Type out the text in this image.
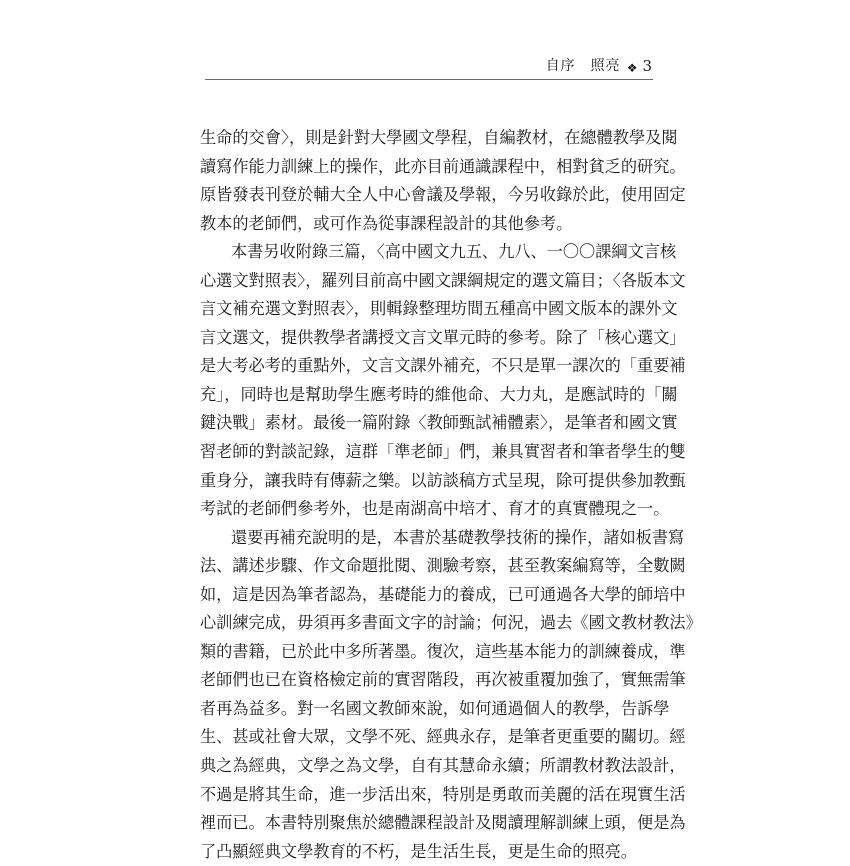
自序　照亮 ❖ 3
生命的交會〉，則是針對大學國文學程，自編教材，在總體教學及閱
讀寫作能力訓練上的操作，此亦目前通識課程中，相對貧乏的研究。
原皆發表刊登於輔大全人中心會議及學報，今另收錄於此，使用固定
教本的老師們，或可作為從事課程設計的其他參考。
本書另收附錄三篇，〈高中國文九五、九八、一〇〇課綱文言核
心選文對照表〉，羅列目前高中國文課綱規定的選文篇目；〈各版本文
言文補充選文對照表〉，則輯錄整理坊間五種高中國文版本的課外文
言文選文，提供教學者講授文言文單元時的參考。除了「核心選文」
是大考必考的重點外，文言文課外補充，不只是單一課次的「重要補
充」，同時也是幫助學生應考時的維他命、大力丸，是應試時的「關
鍵決戰」素材。最後一篇附錄〈教師甄試補體素〉，是筆者和國文實
習老師的對談記錄，這群「準老師」們，兼具實習者和筆者學生的雙
重身分，讓我時有傳薪之樂。以訪談稿方式呈現，除可提供參加教甄
考試的老師們參考外，也是南湖高中培才、育才的真實體現之一。
還要再補充說明的是，本書於基礎教學技術的操作，諸如板書寫
法、講述步驟、作文命題批閱、測驗考察，甚至教案編寫等，全數闕
如，這是因為筆者認為，基礎能力的養成，已可通過各大學的師培中
心訓練完成，毋須再多書面文字的討論；何況，過去《國文教材教法》
類的書籍，已於此中多所著墨。復次，這些基本能力的訓練養成，準
老師們也已在資格檢定前的實習階段，再次被重覆加強了，實無需筆
者再為益多。對一名國文教師來說，如何通過個人的教學，告訴學
生、甚或社會大眾，文學不死、經典永存，是筆者更重要的關切。經
典之為經典，文學之為文學，自有其慧命永續；所謂教材教法設計，
不過是將其生命，進一步活出來，特別是勇敢而美麗的活在現實生活
裡而已。本書特別聚焦於總體課程設計及閱讀理解訓練上頭，便是為
了凸顯經典文學教育的不朽，是生活生長，更是生命的照亮。
